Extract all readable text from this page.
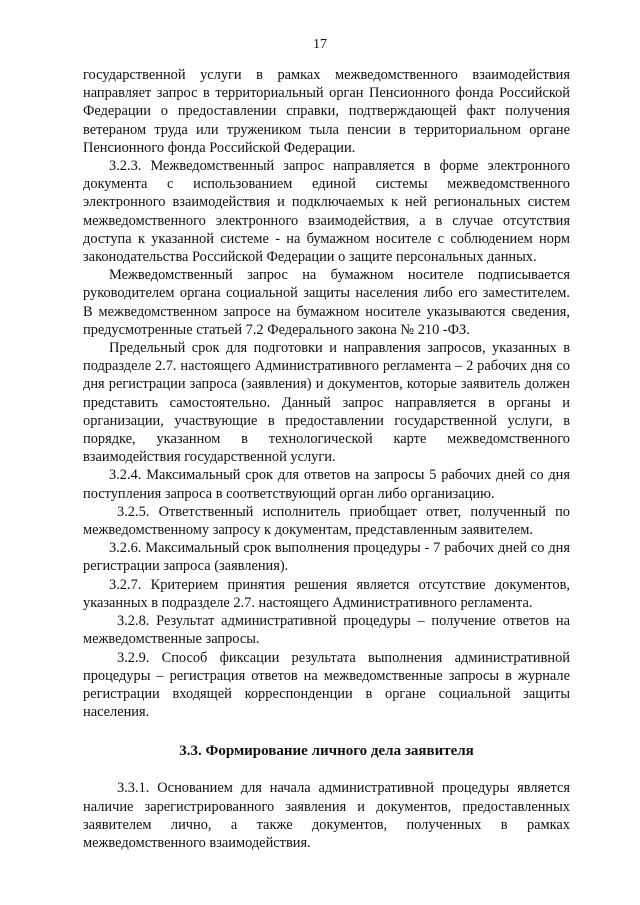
17

государственной услуги в рамках межведомственного взаимодействия направляет запрос в территориальный орган Пенсионного фонда Российской Федерации о предоставлении справки, подтверждающей факт получения ветераном труда или тружеником тыла пенсии в территориальном органе Пенсионного фонда Российской Федерации.

3.2.3. Межведомственный запрос направляется в форме электронного документа с использованием единой системы межведомственного электронного взаимодействия и подключаемых к ней региональных систем межведомственного электронного взаимодействия, а в случае отсутствия доступа к указанной системе - на бумажном носителе с соблюдением норм законодательства Российской Федерации о защите персональных данных.

Межведомственный запрос на бумажном носителе подписывается руководителем органа социальной защиты населения либо его заместителем. В межведомственном запросе на бумажном носителе указываются сведения, предусмотренные статьей 7.2 Федерального закона № 210 -ФЗ.

Предельный срок для подготовки и направления запросов, указанных в подразделе 2.7. настоящего Административного регламента – 2 рабочих дня со дня регистрации запроса (заявления) и документов, которые заявитель должен представить самостоятельно. Данный запрос направляется в органы и организации, участвующие в предоставлении государственной услуги, в порядке, указанном в технологической карте межведомственного взаимодействия государственной услуги.

3.2.4. Максимальный срок для ответов на запросы 5 рабочих дней со дня поступления запроса в соответствующий орган либо организацию.

3.2.5. Ответственный исполнитель приобщает ответ, полученный по межведомственному запросу к документам, представленным заявителем.

3.2.6. Максимальный срок выполнения процедуры - 7 рабочих дней со дня регистрации запроса (заявления).

3.2.7. Критерием принятия решения является отсутствие документов, указанных в подразделе 2.7. настоящего Административного регламента.

3.2.8. Результат административной процедуры – получение ответов на межведомственные запросы.

3.2.9. Способ фиксации результата выполнения административной процедуры – регистрация ответов на межведомственные запросы в журнале регистрации входящей корреспонденции в органе социальной защиты населения.

3.3. Формирование личного дела заявителя

3.3.1. Основанием для начала административной процедуры является наличие зарегистрированного заявления и документов, предоставленных заявителем лично, а также документов, полученных в рамках межведомственного взаимодействия.
